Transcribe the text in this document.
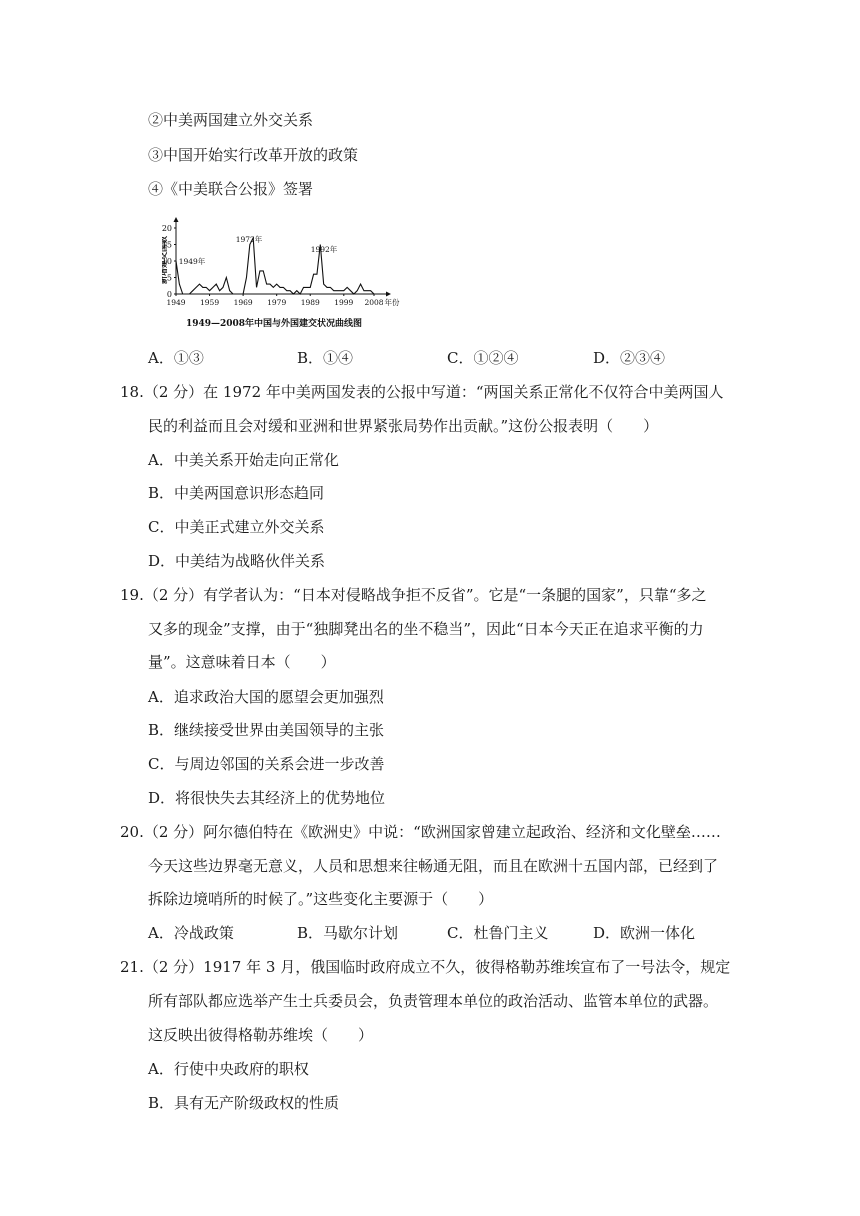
②中美两国建立外交关系
③中国开始实行改革开放的政策
④《中美联合公报》签署
0
5
10
15
20
1949 1959 1969 1979 1989 1999 2008 年份
新增建交国数 1949年
1972年
1992年
1949—2008年中国与外国建交状况曲线图
A．①③	B．①④	C．①②④	D．②③④
18.（2 分）在 1972 年中美两国发表的公报中写道：“两国关系正常化不仅符合中美两国人
民的利益而且会对缓和亚洲和世界紧张局势作出贡献。”这份公报表明（　　）
A．中美关系开始走向正常化
B．中美两国意识形态趋同
C．中美正式建立外交关系
D．中美结为战略伙伴关系
19.（2 分）有学者认为：“日本对侵略战争拒不反省”。它是“一条腿的国家”，只靠“多之
又多的现金”支撑，由于“独脚凳出名的坐不稳当”，因此“日本今天正在追求平衡的力
量”。这意味着日本（　　）
A．追求政治大国的愿望会更加强烈
B．继续接受世界由美国领导的主张
C．与周边邻国的关系会进一步改善
D．将很快失去其经济上的优势地位
20.（2 分）阿尔德伯特在《欧洲史》中说：“欧洲国家曾建立起政治、经济和文化壁垒……
今天这些边界毫无意义，人员和思想来往畅通无阻，而且在欧洲十五国内部，已经到了
拆除边境哨所的时候了。”这些变化主要源于（　　）
A．冷战政策	B．马歇尔计划	C．杜鲁门主义	D．欧洲一体化
21.（2 分）1917 年 3 月，俄国临时政府成立不久，彼得格勒苏维埃宣布了一号法令，规定
所有部队都应选举产生士兵委员会，负责管理本单位的政治活动、监管本单位的武器。
这反映出彼得格勒苏维埃（　　）
A．行使中央政府的职权
B．具有无产阶级政权的性质
